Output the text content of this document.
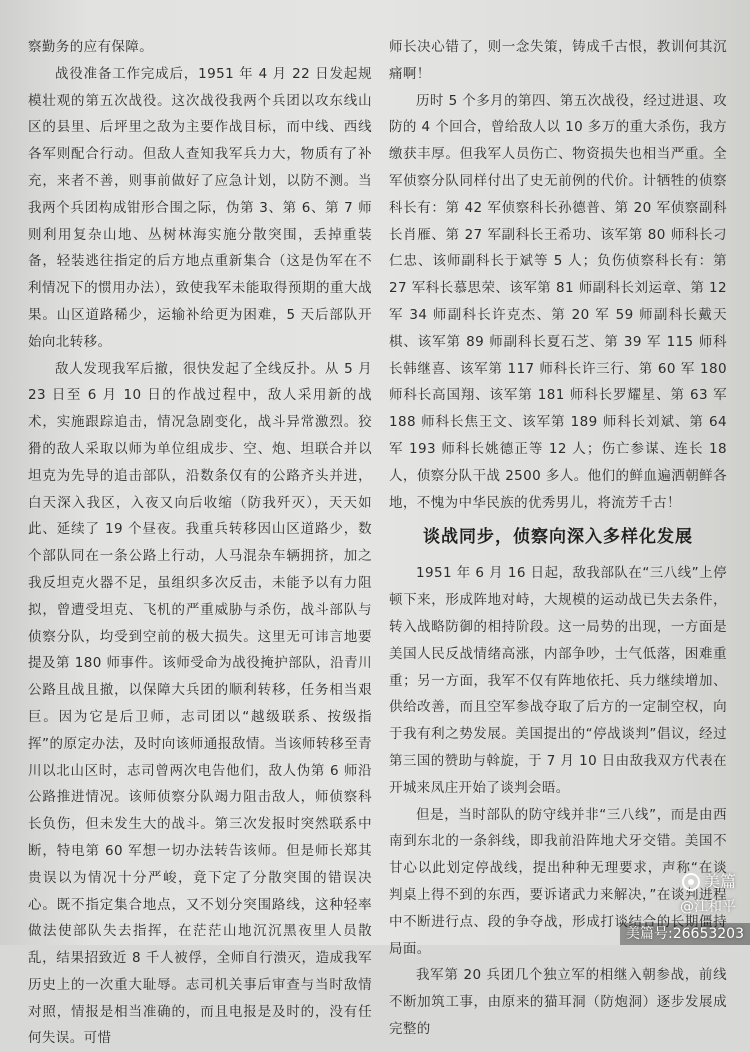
察勤务的应有保障。

战役准备工作完成后，1951 年 4 月 22 日发起规模壮观的第五次战役。这次战役我两个兵团以攻东线山区的县里、后坪里之敌为主要作战目标，而中线、西线各军则配合行动。但敌人查知我军兵力大，物质有了补充，来者不善，则事前做好了应急计划，以防不测。当我两个兵团构成钳形合围之际，伪第 3、第 6、第 7 师则利用复杂山地、丛树林海实施分散突围，丢掉重装备，轻装逃往指定的后方地点重新集合（这是伪军在不利情况下的惯用办法），致使我军未能取得预期的重大战果。山区道路稀少，运输补给更为困难，5 天后部队开始向北转移。

敌人发现我军后撤，很快发起了全线反扑。从 5 月 23 日至 6 月 10 日的作战过程中，敌人采用新的战术，实施跟踪追击，情况急剧变化，战斗异常激烈。狡猾的敌人采取以师为单位组成步、空、炮、坦联合并以坦克为先导的追击部队，沿数条仅有的公路齐头并进，白天深入我区，入夜又向后收缩（防我歼灭），天天如此、延续了 19 个昼夜。我重兵转移因山区道路少，数个部队同在一条公路上行动，人马混杂车辆拥挤，加之我反坦克火器不足，虽组织多次反击，未能予以有力阻拟，曾遭受坦克、飞机的严重威胁与杀伤，战斗部队与侦察分队，均受到空前的极大损失。这里无可讳言地要提及第 180 师事件。该师受命为战役掩护部队，沿青川公路且战且撤，以保障大兵团的顺利转移，任务相当艰巨。因为它是后卫师，志司团以“越级联系、按级指挥”的原定办法，及时向该师通报敌情。当该师转移至青川以北山区时，志司曾两次电告他们，敌人伪第 6 师沿公路推进情况。该师侦察分队竭力阻击敌人，师侦察科长负伤，但未发生大的战斗。第三次发报时突然联系中断，特电第 60 军想一切办法转告该师。但是师长郑其贵误以为情况十分严峻，竟下定了分散突围的错误决心。既不指定集合地点，又不划分突围路线，这种轻率做法使部队失去指挥，在茫茫山地沉沉黑夜里人员散乱，结果招致近 8 千人被俘，全师自行溃灭，造成我军历史上的一次重大耻辱。志司机关事后审查与当时敌情对照，情报是相当准确的，而且电报是及时的，没有任何失误。可惜

师长决心错了，则一念失策，铸成千古恨，教训何其沉痛啊！

历时 5 个多月的第四、第五次战役，经过进退、攻防的 4 个回合，曾给敌人以 10 多万的重大杀伤，我方缴获丰厚。但我军人员伤亡、物资损失也相当严重。全军侦察分队同样付出了史无前例的代价。计牺牲的侦察科长有：第 42 军侦察科长孙德普、第 20 军侦察副科长肖雁、第 27 军副科长王希功、该军第 80 师科长刁仁忠、该师副科长于斌等 5 人；负伤侦察科长有：第 27 军科长慕思荣、该军第 81 师副科长刘运章、第 12 军 34 师副科长许克杰、第 20 军 59 师副科长戴天棋、该军第 89 师副科长夏石芝、第 39 军 115 师科长韩继喜、该军第 117 师科长许三行、第 60 军 180 师科长高国翔、该军第 181 师科长罗耀星、第 63 军 188 师科长焦王文、该军第 189 师科长刘斌、第 64 军 193 师科长姚德正等 12 人；伤亡参谋、连长 18 人，侦察分队干战 2500 多人。他们的鲜血遍洒朝鲜各地，不愧为中华民族的优秀男儿，将流芳千古！

谈战同步，侦察向深入多样化发展

1951 年 6 月 16 日起，敌我部队在“三八线”上停顿下来，形成阵地对峙，大规模的运动战已失去条件，转入战略防御的相持阶段。这一局势的出现，一方面是美国人民反战情绪高涨，内部争吵，士气低落，困难重重；另一方面，我军不仅有阵地依托、兵力继续增加、供给改善，而且空军参战夺取了后方的一定制空权，向于我有利之势发展。美国提出的“停战谈判”倡议，经过第三国的赞助与斡旋，于 7 月 10 日由敌我双方代表在开城来凤庄开始了谈判会晤。

但是，当时部队的防守线并非“三八线”，而是由西南到东北的一条斜线，即我前沿阵地犬牙交错。美国不甘心以此划定停战线，提出种种无理要求，声称“在谈判桌上得不到的东西，要诉诸武力来解决，”在谈判进程中不断进行点、段的争夺战，形成打谈结合的长期僵持局面。

我军第 20 兵团几个独立军的相继入朝参战，前线不断加筑工事，由原来的猫耳洞（防炮洞）逐步发展成完整的

美篇
@江和平
美篇号:26653203
